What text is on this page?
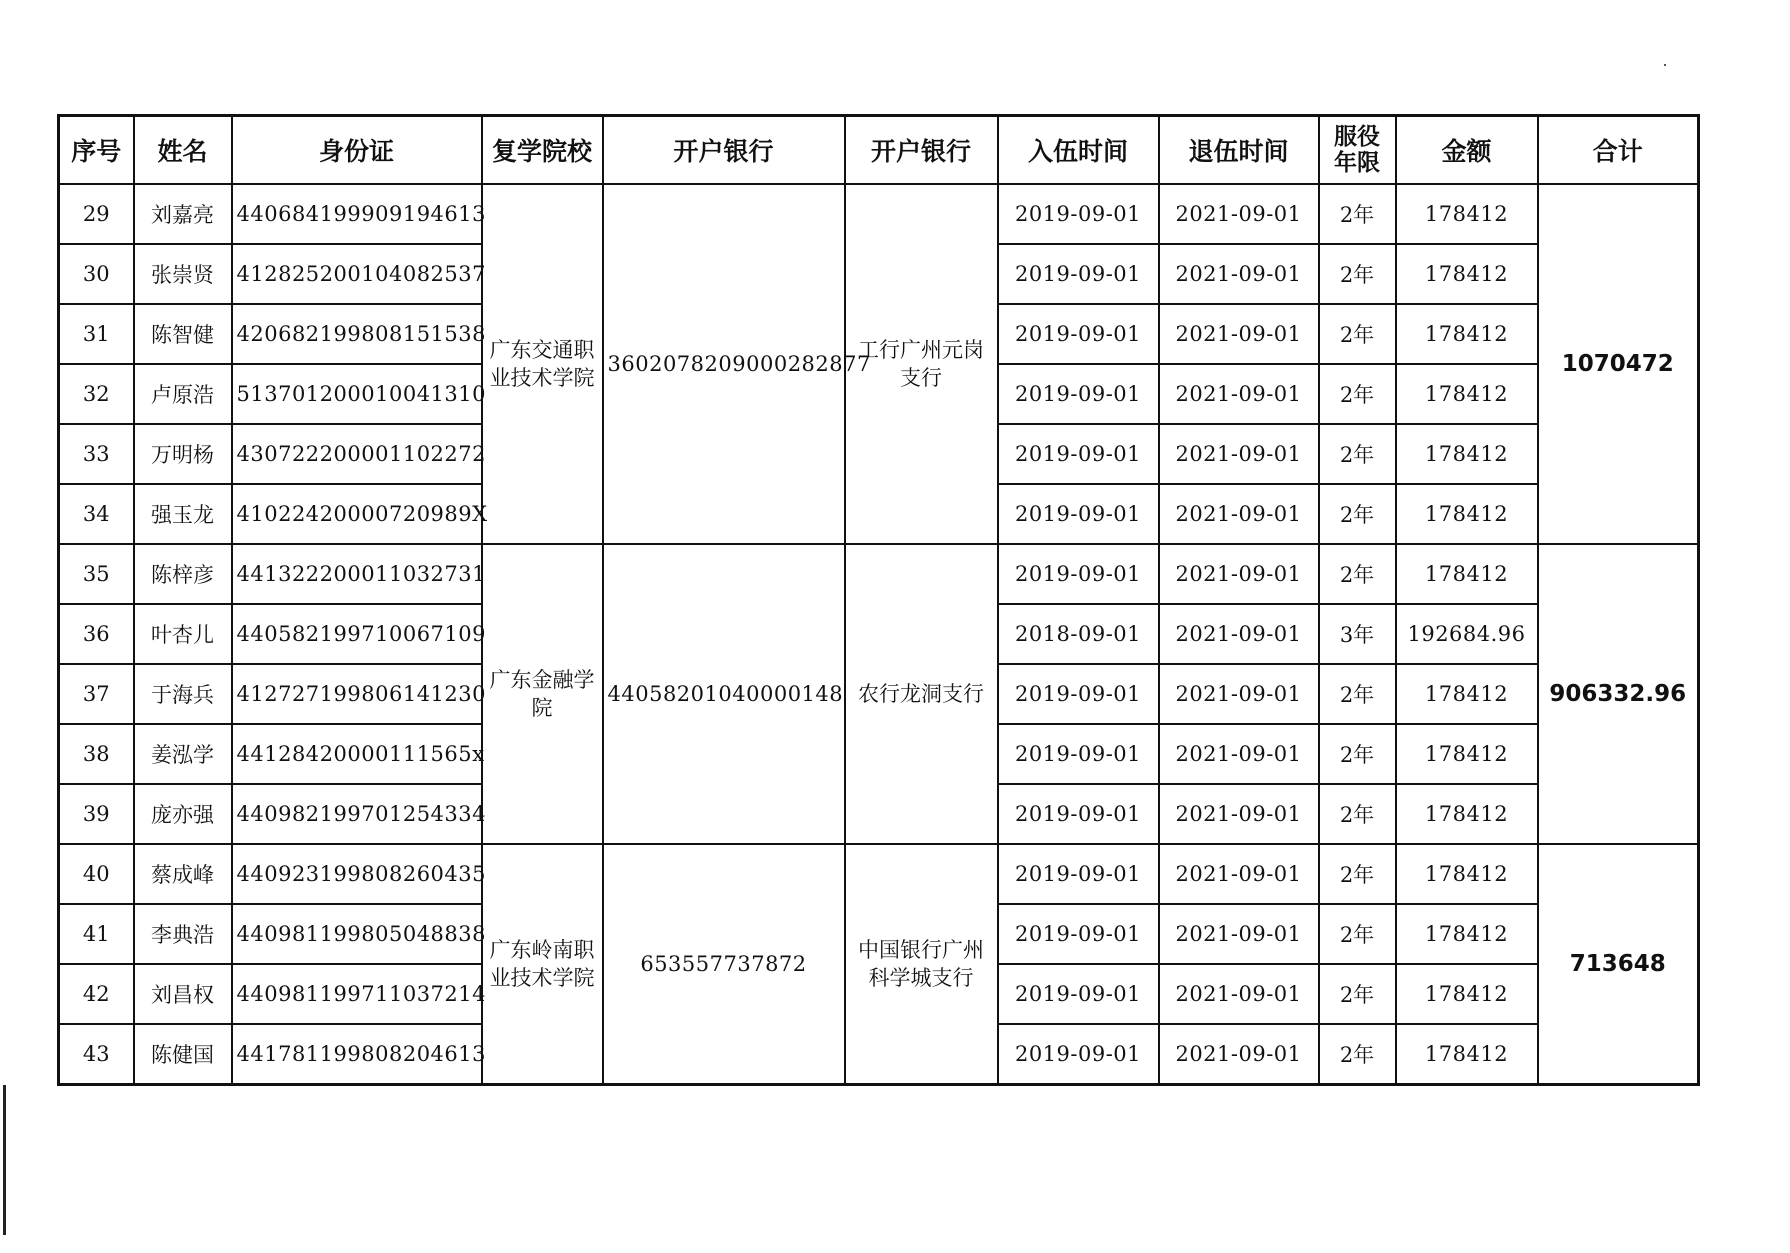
序号	姓名	身份证	复学院校	开户银行	开户银行	入伍时间	退伍时间	服役年限	金额	合计
29	刘嘉亮	440684199909194613	广东交通职业技术学院	3602078209000282877	工行广州元岗支行	2019-09-01	2021-09-01	2年	178412	1070472
30	张崇贤	412825200104082537				2019-09-01	2021-09-01	2年	178412	
31	陈智健	420682199808151538				2019-09-01	2021-09-01	2年	178412	
32	卢原浩	513701200010041310				2019-09-01	2021-09-01	2年	178412	
33	万明杨	430722200001102272				2019-09-01	2021-09-01	2年	178412	
34	强玉龙	41022420000720989X				2019-09-01	2021-09-01	2年	178412	
35	陈梓彦	441322200011032731	广东金融学院	44058201040000148	农行龙洞支行	2019-09-01	2021-09-01	2年	178412	906332.96
36	叶杏儿	440582199710067109				2018-09-01	2021-09-01	3年	192684.96	
37	于海兵	412727199806141230				2019-09-01	2021-09-01	2年	178412	
38	姜泓学	44128420000111565x				2019-09-01	2021-09-01	2年	178412	
39	庞亦强	440982199701254334				2019-09-01	2021-09-01	2年	178412	
40	蔡成峰	440923199808260435	广东岭南职业技术学院	653557737872	中国银行广州科学城支行	2019-09-01	2021-09-01	2年	178412	713648
41	李典浩	440981199805048838				2019-09-01	2021-09-01	2年	178412	
42	刘昌权	440981199711037214				2019-09-01	2021-09-01	2年	178412	
43	陈健国	441781199808204613				2019-09-01	2021-09-01	2年	178412	
